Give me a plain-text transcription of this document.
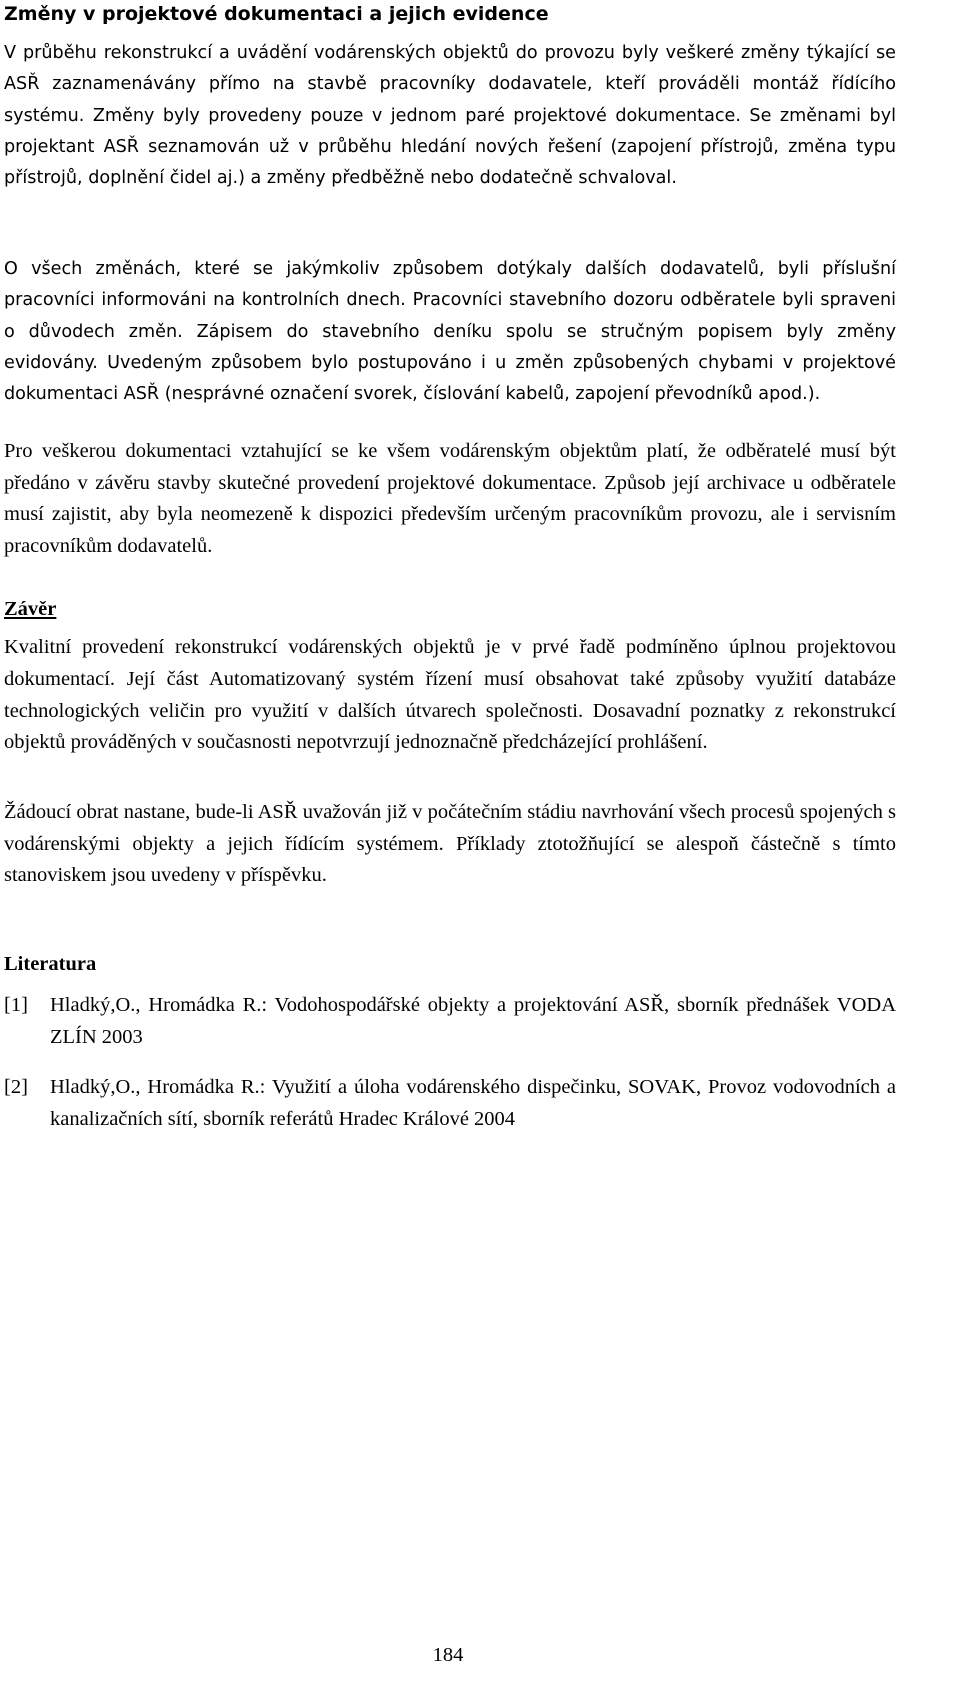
Změny v projektové dokumentaci a jejich evidence

V průběhu rekonstrukcí a uvádění vodárenských objektů do provozu byly veškeré změny týkající se ASŘ zaznamenávány přímo na stavbě pracovníky dodavatele, kteří prováděli montáž řídícího systému. Změny byly provedeny pouze v jednom paré projektové dokumentace. Se změnami byl projektant ASŘ seznamován už v průběhu hledání nových řešení (zapojení přístrojů, změna typu přístrojů, doplnění čidel aj.) a změny předběžně nebo dodatečně schvaloval.

O všech změnách, které se jakýmkoliv způsobem dotýkaly dalších dodavatelů, byli příslušní pracovníci informováni na kontrolních dnech. Pracovníci stavebního dozoru odběratele byli spraveni o důvodech změn. Zápisem do stavebního deníku spolu se stručným popisem byly změny evidovány. Uvedeným způsobem bylo postupováno i u změn způsobených chybami v projektové dokumentaci ASŘ (nesprávné označení svorek, číslování kabelů, zapojení převodníků apod.).

Pro veškerou dokumentaci vztahující se ke všem vodárenským objektům platí, že odběratelé musí být předáno v závěru stavby skutečné provedení projektové dokumentace. Způsob její archivace u odběratele musí zajistit, aby byla neomezeně k dispozici především určeným pracovníkům provozu, ale i servisním pracovníkům dodavatelů.

Závěr

Kvalitní provedení rekonstrukcí vodárenských objektů je v prvé řadě podmíněno úplnou projektovou dokumentací. Její část Automatizovaný systém řízení musí obsahovat také způsoby využití databáze technologických veličin pro využití v dalších útvarech společnosti. Dosavadní poznatky z rekonstrukcí objektů prováděných v současnosti nepotvrzují jednoznačně předcházející prohlášení.

Žádoucí obrat nastane, bude-li ASŘ uvažován již v počátečním stádiu navrhování všech procesů spojených s vodárenskými objekty a jejich řídícím systémem. Příklady ztotožňující se alespoň částečně s tímto stanoviskem jsou uvedeny v příspěvku.

Literatura
[1]	Hladký,O., Hromádka R.: Vodohospodářské objekty a projektování ASŘ, sborník přednášek VODA ZLÍN 2003
[2]	Hladký,O., Hromádka R.: Využití a úloha vodárenského dispečinku, SOVAK, Provoz vodovodních a kanalizačních sítí, sborník referátů Hradec Králové 2004
184
